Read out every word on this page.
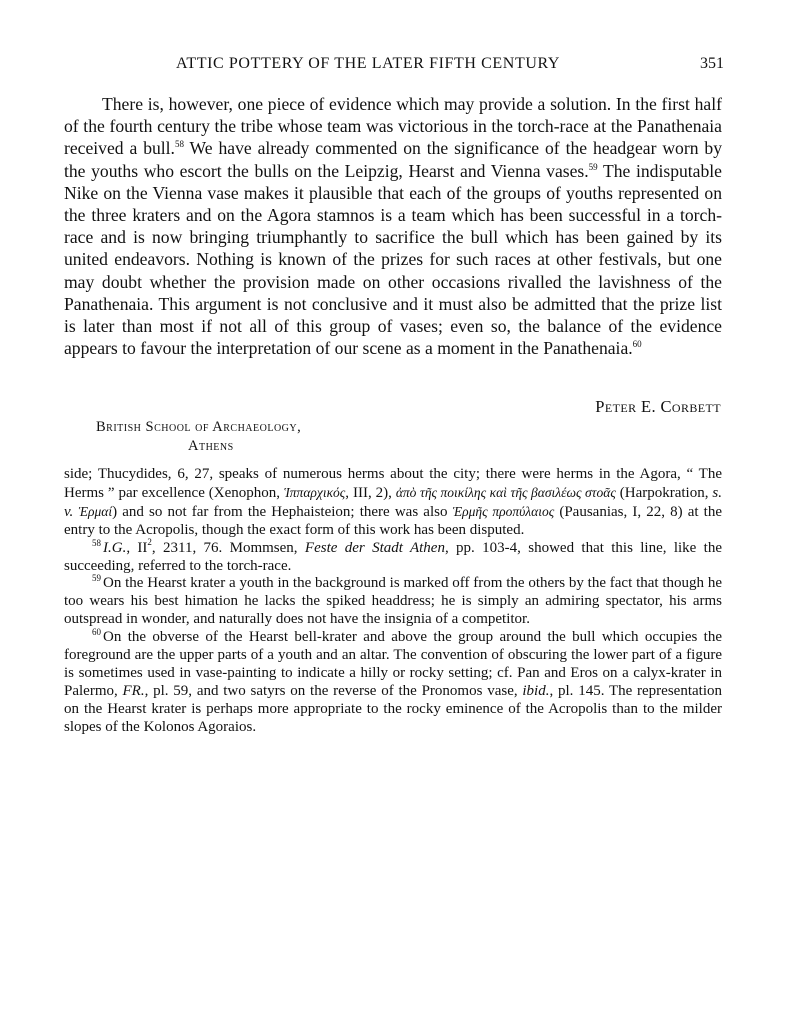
ATTIC POTTERY OF THE LATER FIFTH CENTURY	351

There is, however, one piece of evidence which may provide a solution. In the first half of the fourth century the tribe whose team was victorious in the torch-race at the Panathenaia received a bull.$^{58}$ We have already commented on the significance of the headgear worn by the youths who escort the bulls on the Leipzig, Hearst and Vienna vases.$^{59}$ The indisputable Nike on the Vienna vase makes it plausible that each of the groups of youths represented on the three kraters and on the Agora stamnos is a team which has been successful in a torch-race and is now bringing triumphantly to sacrifice the bull which has been gained by its united endeavors. Nothing is known of the prizes for such races at other festivals, but one may doubt whether the provision made on other occasions rivalled the lavishness of the Panathenaia. This argument is not conclusive and it must also be admitted that the prize list is later than most if not all of this group of vases; even so, the balance of the evidence appears to favour the interpretation of our scene as a moment in the Panathenaia.$^{60}$

Peter E. Corbett
British School of Archaeology,
Athens

side; Thucydides, 6, 27, speaks of numerous herms about the city; there were herms in the Agora, “ The Herms ” par excellence (Xenophon, Ἱππαρχικός, III, 2), ἀπὸ τῆς ποικίλης καὶ τῆς βασιλέως στοᾶς (Harpokration, s. v. Ἑρμαί) and so not far from the Hephaisteion; there was also Ἑρμῆς προπύλαιος (Pausanias, I, 22, 8) at the entry to the Acropolis, though the exact form of this work has been disputed.

$^{58}$ I.G., $II^2$, 2311, 76. Mommsen, Feste der Stadt Athen, pp. 103-4, showed that this line, like the succeeding, referred to the torch-race.

$^{59}$ On the Hearst krater a youth in the background is marked off from the others by the fact that though he too wears his best himation he lacks the spiked headdress; he is simply an admiring spectator, his arms outspread in wonder, and naturally does not have the insignia of a competitor.

$^{60}$ On the obverse of the Hearst bell-krater and above the group around the bull which occupies the foreground are the upper parts of a youth and an altar. The convention of obscuring the lower part of a figure is sometimes used in vase-painting to indicate a hilly or rocky setting; cf. Pan and Eros on a calyx-krater in Palermo, FR., pl. 59, and two satyrs on the reverse of the Pronomos vase, ibid., pl. 145. The representation on the Hearst krater is perhaps more appropriate to the rocky eminence of the Acropolis than to the milder slopes of the Kolonos Agoraios.
